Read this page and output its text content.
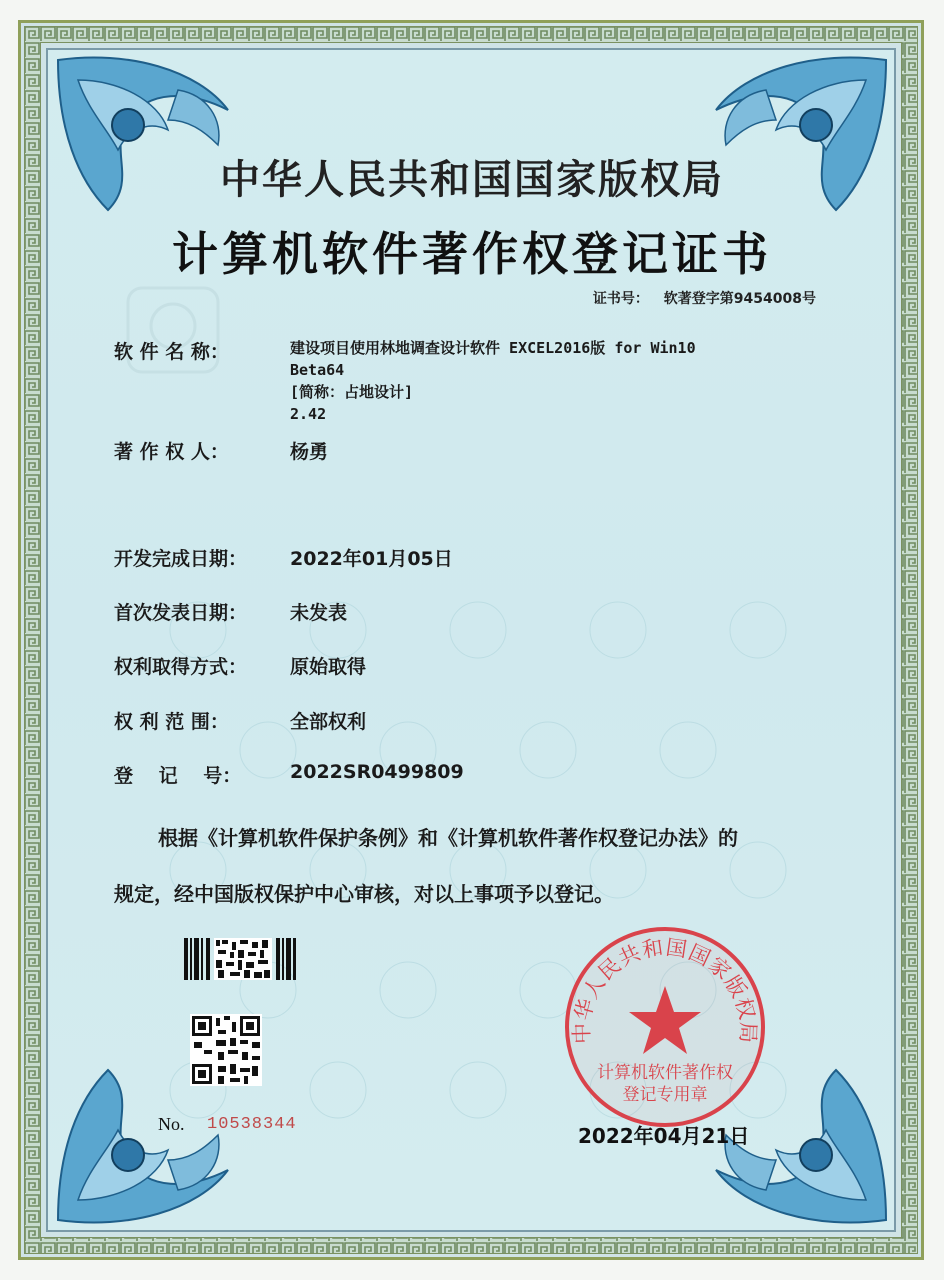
中华人民共和国国家版权局
计算机软件著作权登记证书
证书号： 软著登字第9454008号
软 件 名 称：	建设项目使用林地调查设计软件 EXCEL2016版 for Win10
Beta64
[简称：占地设计]
2.42
著 作 权 人：	杨勇
开发完成日期：	2022年01月05日
首次发表日期：	未发表
权利取得方式：	原始取得
权 利 范 围：	全部权利
登　 记　 号：	2022SR0499809
根据《计算机软件保护条例》和《计算机软件著作权登记办法》的
规定，经中国版权保护中心审核，对以上事项予以登记。
No. 10538344
中华人民共和国国家版权局
计算机软件著作权
登记专用章
2022年04月21日
